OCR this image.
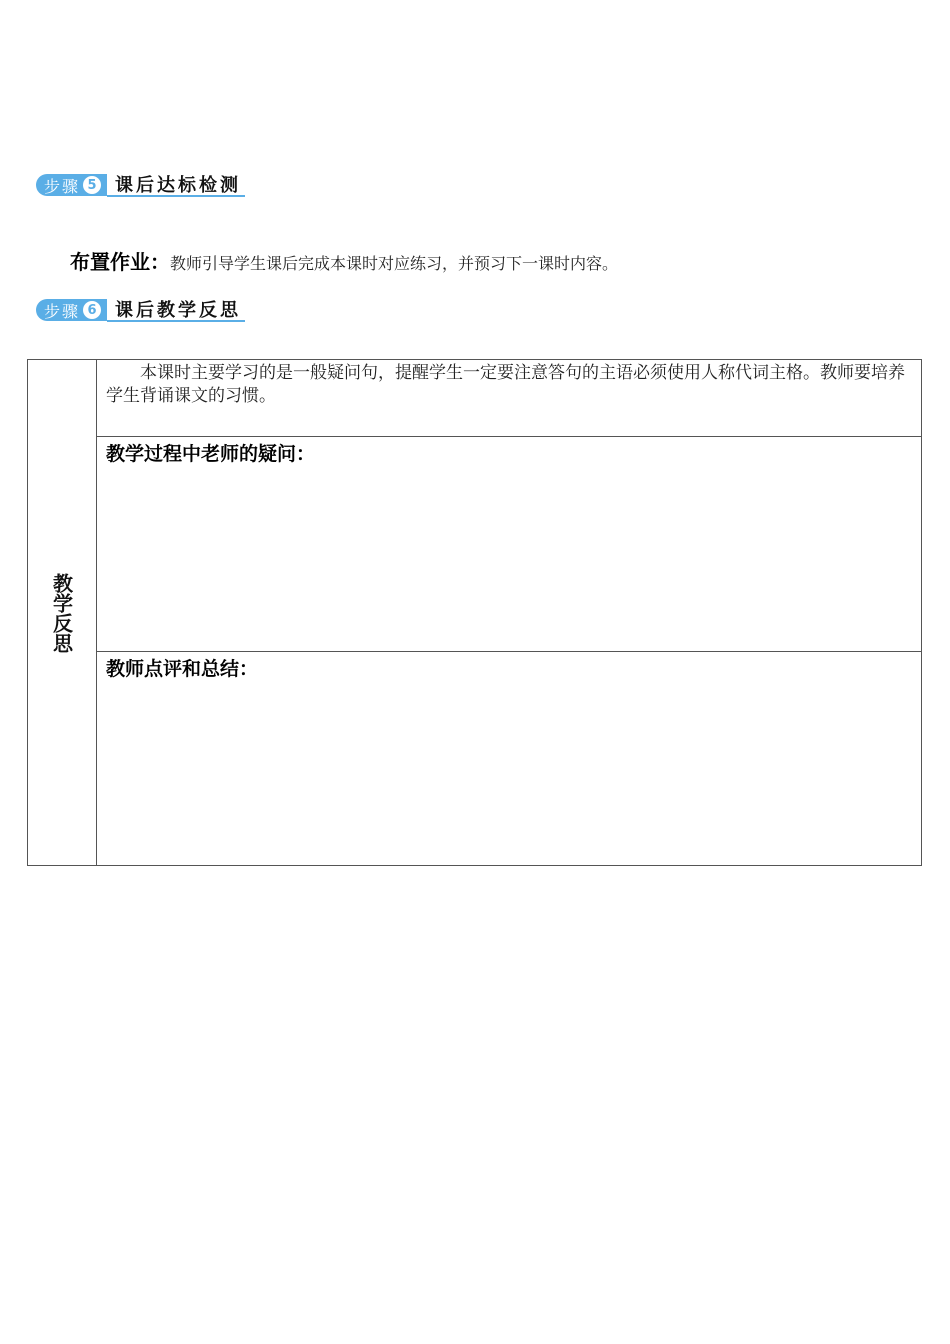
步骤 5 课后达标检测
布置作业：教师引导学生课后完成本课时对应练习，并预习下一课时内容。
步骤 6 课后教学反思
教学反思

本课时主要学习的是一般疑问句，提醒学生一定要注意答句的主语必须使用人称代词主格。教师要培养学生背诵课文的习惯。

教学过程中老师的疑问：

教师点评和总结：
